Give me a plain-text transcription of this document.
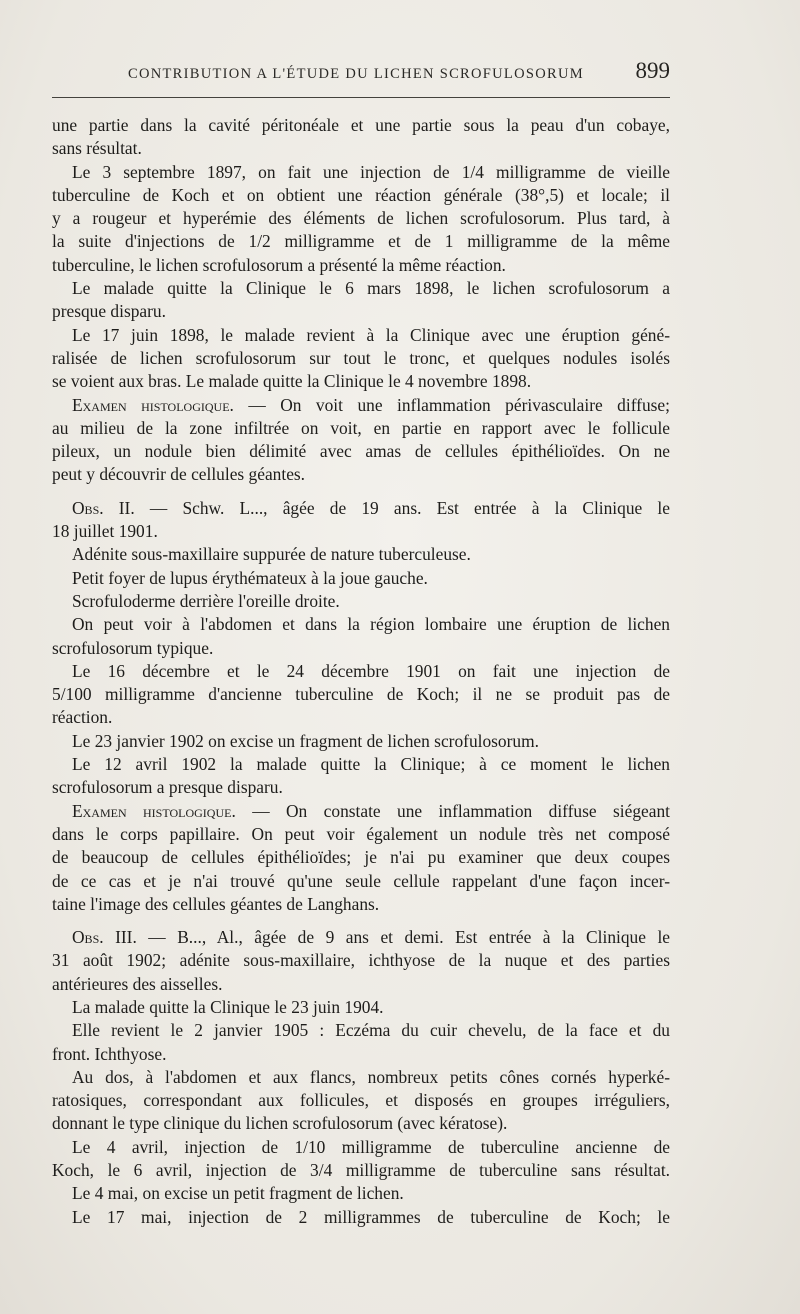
CONTRIBUTION A L'ÉTUDE DU LICHEN SCROFULOSORUM 899
une partie dans la cavité péritonéale et une partie sous la peau d'un cobaye,
sans résultat.
Le 3 septembre 1897, on fait une injection de 1/4 milligramme de vieille
tuberculine de Koch et on obtient une réaction générale (38°,5) et locale; il
y a rougeur et hyperémie des éléments de lichen scrofulosorum. Plus tard, à
la suite d'injections de 1/2 milligramme et de 1 milligramme de la même
tuberculine, le lichen scrofulosorum a présenté la même réaction.
Le malade quitte la Clinique le 6 mars 1898, le lichen scrofulosorum a
presque disparu.
Le 17 juin 1898, le malade revient à la Clinique avec une éruption géné-
ralisée de lichen scrofulosorum sur tout le tronc, et quelques nodules isolés
se voient aux bras. Le malade quitte la Clinique le 4 novembre 1898.
Examen histologique. — On voit une inflammation périvasculaire diffuse;
au milieu de la zone infiltrée on voit, en partie en rapport avec le follicule
pileux, un nodule bien délimité avec amas de cellules épithélioïdes. On ne
peut y découvrir de cellules géantes.
Obs. II. — Schw. L..., âgée de 19 ans. Est entrée à la Clinique le
18 juillet 1901.
Adénite sous-maxillaire suppurée de nature tuberculeuse.
Petit foyer de lupus érythémateux à la joue gauche.
Scrofuloderme derrière l'oreille droite.
On peut voir à l'abdomen et dans la région lombaire une éruption de lichen
scrofulosorum typique.
Le 16 décembre et le 24 décembre 1901 on fait une injection de
5/100 milligramme d'ancienne tuberculine de Koch; il ne se produit pas de
réaction.
Le 23 janvier 1902 on excise un fragment de lichen scrofulosorum.
Le 12 avril 1902 la malade quitte la Clinique; à ce moment le lichen
scrofulosorum a presque disparu.
Examen histologique. — On constate une inflammation diffuse siégeant
dans le corps papillaire. On peut voir également un nodule très net composé
de beaucoup de cellules épithélioïdes; je n'ai pu examiner que deux coupes
de ce cas et je n'ai trouvé qu'une seule cellule rappelant d'une façon incer-
taine l'image des cellules géantes de Langhans.
Obs. III. — B..., Al., âgée de 9 ans et demi. Est entrée à la Clinique le
31 août 1902; adénite sous-maxillaire, ichthyose de la nuque et des parties
antérieures des aisselles.
La malade quitte la Clinique le 23 juin 1904.
Elle revient le 2 janvier 1905 : Eczéma du cuir chevelu, de la face et du
front. Ichthyose.
Au dos, à l'abdomen et aux flancs, nombreux petits cônes cornés hyperké-
ratosiques, correspondant aux follicules, et disposés en groupes irréguliers,
donnant le type clinique du lichen scrofulosorum (avec kératose).
Le 4 avril, injection de 1/10 milligramme de tuberculine ancienne de
Koch, le 6 avril, injection de 3/4 milligramme de tuberculine sans résultat.
Le 4 mai, on excise un petit fragment de lichen.
Le 17 mai, injection de 2 milligrammes de tuberculine de Koch; le
